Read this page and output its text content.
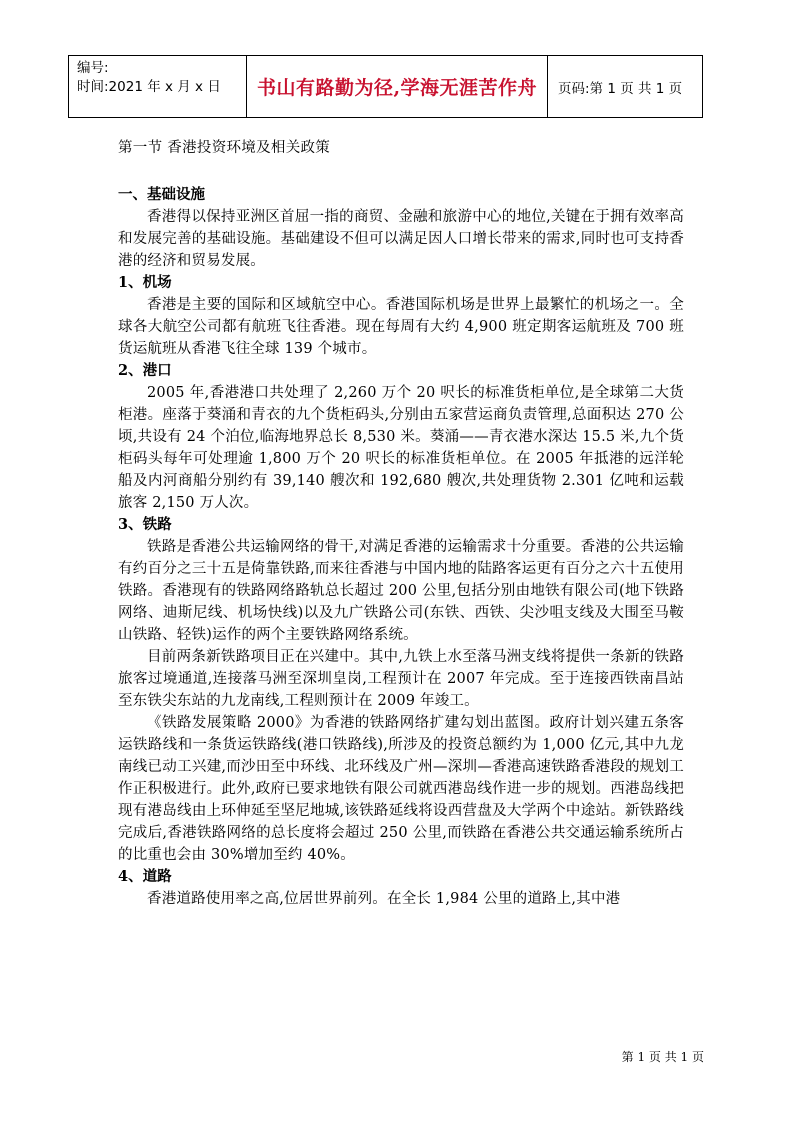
编号:
时间:2021 年 x 月 x 日	书山有路勤为径,学海无涯苦作舟	页码:第 1 页 共 1 页

第一节 香港投资环境及相关政策

一、基础设施

香港得以保持亚洲区首屈一指的商贸、金融和旅游中心的地位,关键在于拥有效率高和发展完善的基础设施。基础建设不但可以满足因人口增长带来的需求,同时也可支持香港的经济和贸易发展。

1、机场

香港是主要的国际和区域航空中心。香港国际机场是世界上最繁忙的机场之一。全球各大航空公司都有航班飞往香港。现在每周有大约 4,900 班定期客运航班及 700 班货运航班从香港飞往全球 139 个城市。

2、港口

2005 年,香港港口共处理了 2,260 万个 20 呎长的标准货柜单位,是全球第二大货柜港。座落于葵涌和青衣的九个货柜码头,分别由五家营运商负责管理,总面积达 270 公顷,共设有 24 个泊位,临海地界总长 8,530 米。葵涌——青衣港水深达 15.5 米,九个货柜码头每年可处理逾 1,800 万个 20 呎长的标准货柜单位。在 2005 年抵港的远洋轮船及内河商船分别约有 39,140 艘次和 192,680 艘次,共处理货物 2.301 亿吨和运载旅客 2,150 万人次。

3、铁路

铁路是香港公共运输网络的骨干,对满足香港的运输需求十分重要。香港的公共运输有约百分之三十五是倚靠铁路,而来往香港与中国内地的陆路客运更有百分之六十五使用铁路。香港现有的铁路网络路轨总长超过 200 公里,包括分别由地铁有限公司(地下铁路网络、迪斯尼线、机场快线)以及九广铁路公司(东铁、西铁、尖沙咀支线及大围至马鞍山铁路、轻铁)运作的两个主要铁路网络系统。

目前两条新铁路项目正在兴建中。其中,九铁上水至落马洲支线将提供一条新的铁路旅客过境通道,连接落马洲至深圳皇岗,工程预计在 2007 年完成。至于连接西铁南昌站至东铁尖东站的九龙南线,工程则预计在 2009 年竣工。

《铁路发展策略 2000》为香港的铁路网络扩建勾划出蓝图。政府计划兴建五条客运铁路线和一条货运铁路线(港口铁路线),所涉及的投资总额约为 1,000 亿元,其中九龙南线已动工兴建,而沙田至中环线、北环线及广州—深圳—香港高速铁路香港段的规划工作正积极进行。此外,政府已要求地铁有限公司就西港岛线作进一步的规划。西港岛线把现有港岛线由上环伸延至坚尼地城,该铁路延线将设西营盘及大学两个中途站。新铁路线完成后,香港铁路网络的总长度将会超过 250 公里,而铁路在香港公共交通运输系统所占的比重也会由 30%增加至约 40%。

4、道路

香港道路使用率之高,位居世界前列。在全长 1,984 公里的道路上,其中港

第 1 页 共 1 页
